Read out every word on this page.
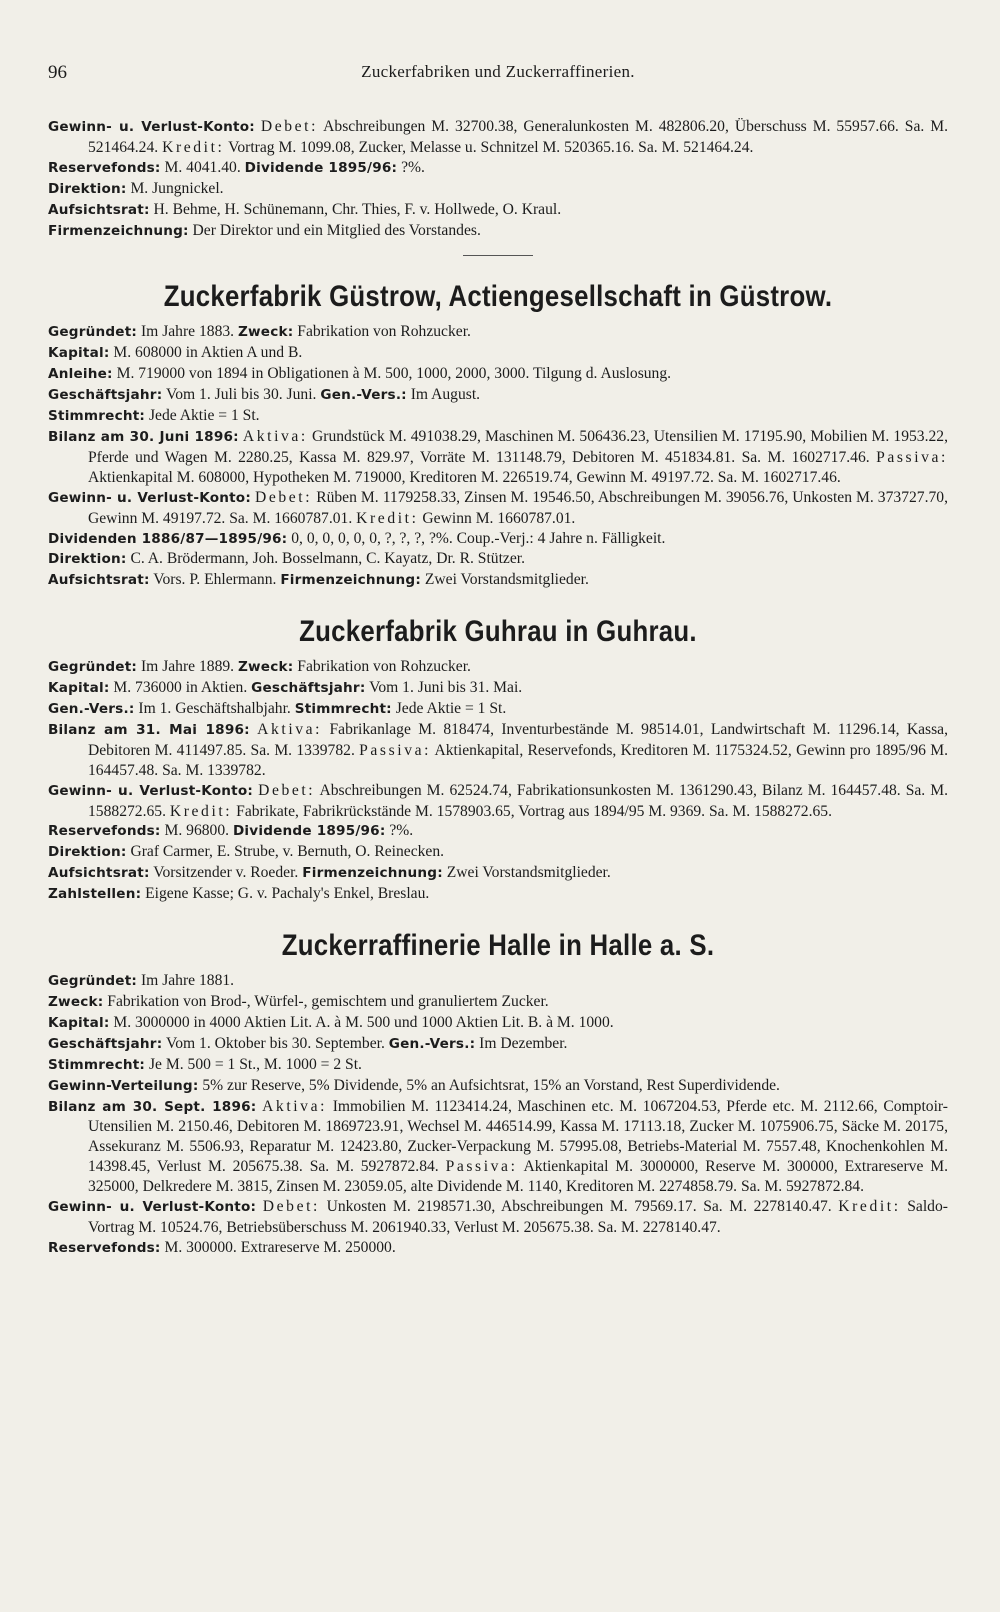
96	Zuckerfabriken und Zuckerraffinerien.

Gewinn- u. Verlust-Konto: Debet: Abschreibungen M. 32700.38, Generalunkosten M. 482806.20, Überschuss M. 55957.66. Sa. M. 521464.24. Kredit: Vortrag M. 1099.08, Zucker, Melasse u. Schnitzel M. 520365.16. Sa. M. 521464.24.

Reservefonds: M. 4041.40. Dividende 1895/96: ?%.

Direktion: M. Jungnickel.

Aufsichtsrat: H. Behme, H. Schünemann, Chr. Thies, F. v. Hollwede, O. Kraul.

Firmenzeichnung: Der Direktor und ein Mitglied des Vorstandes.

Zuckerfabrik Güstrow, Actiengesellschaft in Güstrow.

Gegründet: Im Jahre 1883. Zweck: Fabrikation von Rohzucker.

Kapital: M. 608000 in Aktien A und B.

Anleihe: M. 719000 von 1894 in Obligationen à M. 500, 1000, 2000, 3000. Tilgung d. Auslosung.

Geschäftsjahr: Vom 1. Juli bis 30. Juni. Gen.-Vers.: Im August.

Stimmrecht: Jede Aktie = 1 St.

Bilanz am 30. Juni 1896: Aktiva: Grundstück M. 491038.29, Maschinen M. 506436.23, Utensilien M. 17195.90, Mobilien M. 1953.22, Pferde und Wagen M. 2280.25, Kassa M. 829.97, Vorräte M. 131148.79, Debitoren M. 451834.81. Sa. M. 1602717.46. Passiva: Aktienkapital M. 608000, Hypotheken M. 719000, Kreditoren M. 226519.74, Gewinn M. 49197.72. Sa. M. 1602717.46.

Gewinn- u. Verlust-Konto: Debet: Rüben M. 1179258.33, Zinsen M. 19546.50, Abschreibungen M. 39056.76, Unkosten M. 373727.70, Gewinn M. 49197.72. Sa. M. 1660787.01. Kredit: Gewinn M. 1660787.01.

Dividenden 1886/87—1895/96: 0, 0, 0, 0, 0, 0, ?, ?, ?, ?%. Coup.-Verj.: 4 Jahre n. Fälligkeit.

Direktion: C. A. Brödermann, Joh. Bosselmann, C. Kayatz, Dr. R. Stützer.

Aufsichtsrat: Vors. P. Ehlermann. Firmenzeichnung: Zwei Vorstandsmitglieder.

Zuckerfabrik Guhrau in Guhrau.

Gegründet: Im Jahre 1889. Zweck: Fabrikation von Rohzucker.

Kapital: M. 736000 in Aktien. Geschäftsjahr: Vom 1. Juni bis 31. Mai.

Gen.-Vers.: Im 1. Geschäftshalbjahr. Stimmrecht: Jede Aktie = 1 St.

Bilanz am 31. Mai 1896: Aktiva: Fabrikanlage M. 818474, Inventurbestände M. 98514.01, Landwirtschaft M. 11296.14, Kassa, Debitoren M. 411497.85. Sa. M. 1339782. Passiva: Aktienkapital, Reservefonds, Kreditoren M. 1175324.52, Gewinn pro 1895/96 M. 164457.48. Sa. M. 1339782.

Gewinn- u. Verlust-Konto: Debet: Abschreibungen M. 62524.74, Fabrikationsunkosten M. 1361290.43, Bilanz M. 164457.48. Sa. M. 1588272.65. Kredit: Fabrikate, Fabrikrückstände M. 1578903.65, Vortrag aus 1894/95 M. 9369. Sa. M. 1588272.65.

Reservefonds: M. 96800. Dividende 1895/96: ?%.

Direktion: Graf Carmer, E. Strube, v. Bernuth, O. Reinecken.

Aufsichtsrat: Vorsitzender v. Roeder. Firmenzeichnung: Zwei Vorstandsmitglieder.

Zahlstellen: Eigene Kasse; G. v. Pachaly's Enkel, Breslau.

Zuckerraffinerie Halle in Halle a. S.

Gegründet: Im Jahre 1881.

Zweck: Fabrikation von Brod-, Würfel-, gemischtem und granuliertem Zucker.

Kapital: M. 3000000 in 4000 Aktien Lit. A. à M. 500 und 1000 Aktien Lit. B. à M. 1000.

Geschäftsjahr: Vom 1. Oktober bis 30. September. Gen.-Vers.: Im Dezember.

Stimmrecht: Je M. 500 = 1 St., M. 1000 = 2 St.

Gewinn-Verteilung: 5% zur Reserve, 5% Dividende, 5% an Aufsichtsrat, 15% an Vorstand, Rest Superdividende.

Bilanz am 30. Sept. 1896: Aktiva: Immobilien M. 1123414.24, Maschinen etc. M. 1067204.53, Pferde etc. M. 2112.66, Comptoir-Utensilien M. 2150.46, Debitoren M. 1869723.91, Wechsel M. 446514.99, Kassa M. 17113.18, Zucker M. 1075906.75, Säcke M. 20175, Assekuranz M. 5506.93, Reparatur M. 12423.80, Zucker-Verpackung M. 57995.08, Betriebs-Material M. 7557.48, Knochenkohlen M. 14398.45, Verlust M. 205675.38. Sa. M. 5927872.84. Passiva: Aktienkapital M. 3000000, Reserve M. 300000, Extrareserve M. 325000, Delkredere M. 3815, Zinsen M. 23059.05, alte Dividende M. 1140, Kreditoren M. 2274858.79. Sa. M. 5927872.84.

Gewinn- u. Verlust-Konto: Debet: Unkosten M. 2198571.30, Abschreibungen M. 79569.17. Sa. M. 2278140.47. Kredit: Saldo-Vortrag M. 10524.76, Betriebsüberschuss M. 2061940.33, Verlust M. 205675.38. Sa. M. 2278140.47.

Reservefonds: M. 300000. Extrareserve M. 250000.
